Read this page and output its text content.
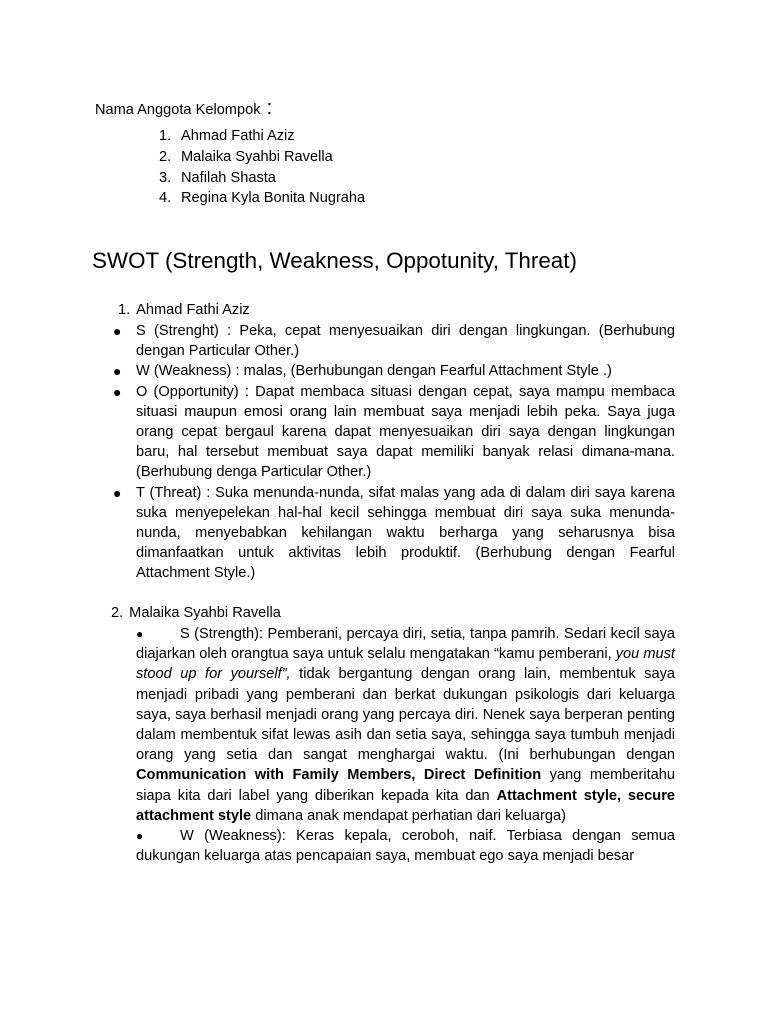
Nama Anggota Kelompok :
1. Ahmad Fathi Aziz
2. Malaika Syahbi Ravella
3. Nafilah Shasta
4. Regina Kyla Bonita Nugraha
SWOT (Strength, Weakness, Oppotunity, Threat)
1. Ahmad Fathi Aziz
● S (Strenght) : Peka, cepat menyesuaikan diri dengan lingkungan. (Berhubung dengan Particular Other.)
● W (Weakness) : malas, (Berhubungan dengan Fearful Attachment Style .)
● O (Opportunity) : Dapat membaca situasi dengan cepat, saya mampu membaca situasi maupun emosi orang lain membuat saya menjadi lebih peka. Saya juga orang cepat bergaul karena dapat menyesuaikan diri saya dengan lingkungan baru, hal tersebut membuat saya dapat memiliki banyak relasi dimana-mana. (Berhubung denga Particular Other.)
● T (Threat) : Suka menunda-nunda, sifat malas yang ada di dalam diri saya karena suka menyepelekan hal-hal kecil sehingga membuat diri saya suka menunda-nunda, menyebabkan kehilangan waktu berharga yang seharusnya bisa dimanfaatkan untuk aktivitas lebih produktif. (Berhubung dengan Fearful Attachment Style.)
2. Malaika Syahbi Ravella
●	S (Strength): Pemberani, percaya diri, setia, tanpa pamrih. Sedari kecil saya diajarkan oleh orangtua saya untuk selalu mengatakan “kamu pemberani, you must stood up for yourself”, tidak bergantung dengan orang lain, membentuk saya menjadi pribadi yang pemberani dan berkat dukungan psikologis dari keluarga saya, saya berhasil menjadi orang yang percaya diri. Nenek saya berperan penting dalam membentuk sifat lewas asih dan setia saya, sehingga saya tumbuh menjadi orang yang setia dan sangat menghargai waktu. (Ini berhubungan dengan Communication with Family Members, Direct Definition yang memberitahu siapa kita dari label yang diberikan kepada kita dan Attachment style, secure attachment style dimana anak mendapat perhatian dari keluarga)
●	W (Weakness): Keras kepala, ceroboh, naif. Terbiasa dengan semua dukungan keluarga atas pencapaian saya, membuat ego saya menjadi besar
